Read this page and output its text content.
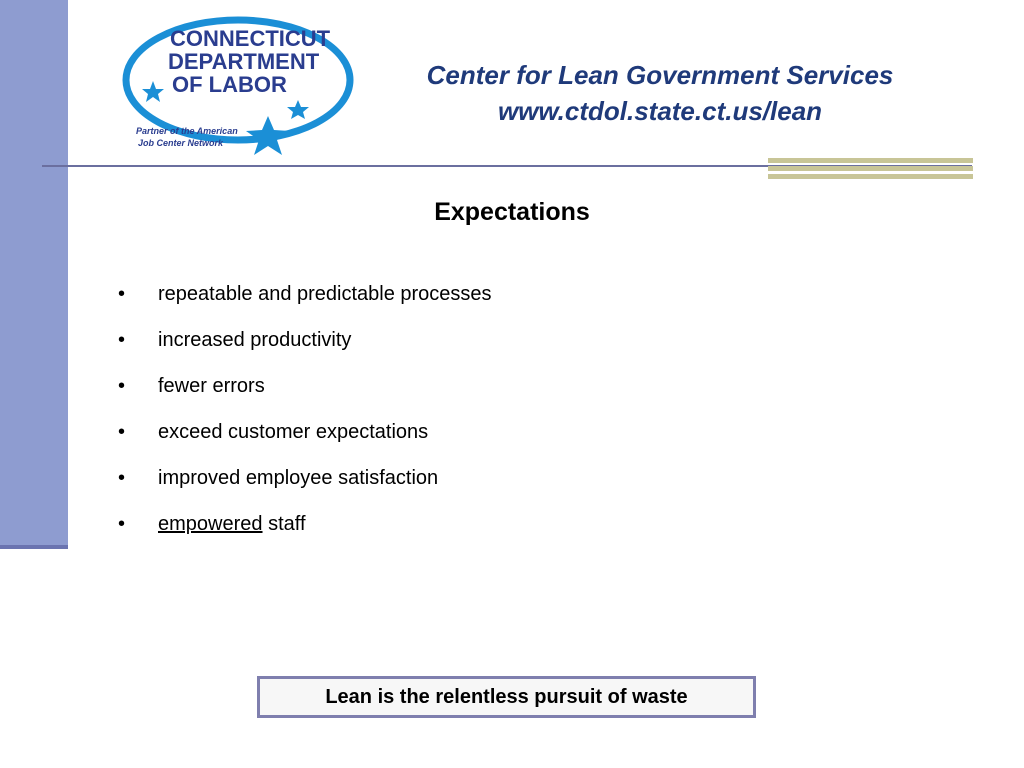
CONNECTICUT
DEPARTMENT
OF LABOR
Partner of the American
Job Center Network
Center for Lean Government Services
www.ctdol.state.ct.us/lean
Expectations
•	repeatable and predictable processes
•	increased productivity
•	fewer errors
•	exceed customer expectations
•	improved employee satisfaction
•	empowered staff
Lean is the relentless pursuit of waste
